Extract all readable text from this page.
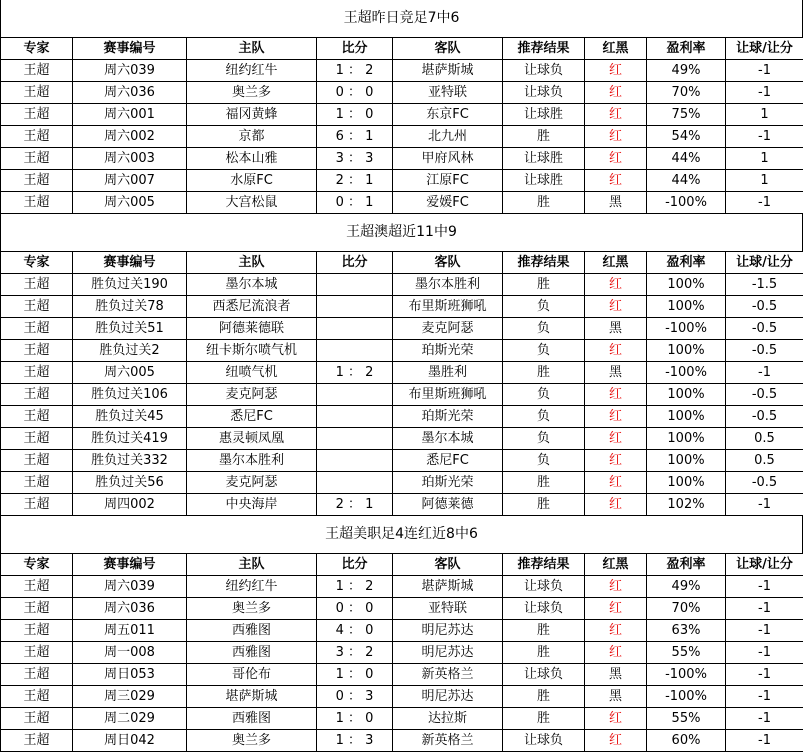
王超昨日竞足7中6
专家	赛事编号	主队	比分	客队	推荐结果	红黑	盈利率	让球/让分
王超	周六039	纽约红牛	1 ： 2	堪萨斯城	让球负	红	49%	-1
王超	周六036	奥兰多	0 ： 0	亚特联	让球负	红	70%	-1
王超	周六001	福冈黄蜂	1 ： 0	东京FC	让球胜	红	75%	1
王超	周六002	京都	6 ： 1	北九州	胜	红	54%	-1
王超	周六003	松本山雅	3 ： 3	甲府风林	让球胜	红	44%	1
王超	周六007	水原FC	2 ： 1	江原FC	让球胜	红	44%	1
王超	周六005	大宫松鼠	0 ： 1	爱媛FC	胜	黑	-100%	-1
王超澳超近11中9
专家	赛事编号	主队	比分	客队	推荐结果	红黑	盈利率	让球/让分
王超	胜负过关190	墨尔本城		墨尔本胜利	胜	红	100%	-1.5
王超	胜负过关78	西悉尼流浪者		布里斯班狮吼	负	红	100%	-0.5
王超	胜负过关51	阿德莱德联		麦克阿瑟	负	黑	-100%	-0.5
王超	胜负过关2	纽卡斯尔喷气机		珀斯光荣	负	红	100%	-0.5
王超	周六005	纽喷气机	1 ： 2	墨胜利	胜	黑	-100%	-1
王超	胜负过关106	麦克阿瑟		布里斯班狮吼	负	红	100%	-0.5
王超	胜负过关45	悉尼FC		珀斯光荣	负	红	100%	-0.5
王超	胜负过关419	惠灵顿凤凰		墨尔本城	负	红	100%	0.5
王超	胜负过关332	墨尔本胜利		悉尼FC	负	红	100%	0.5
王超	胜负过关56	麦克阿瑟		珀斯光荣	胜	红	100%	-0.5
王超	周四002	中央海岸	2 ： 1	阿德莱德	胜	红	102%	-1
王超美职足4连红近8中6
专家	赛事编号	主队	比分	客队	推荐结果	红黑	盈利率	让球/让分
王超	周六039	纽约红牛	1 ： 2	堪萨斯城	让球负	红	49%	-1
王超	周六036	奥兰多	0 ： 0	亚特联	让球负	红	70%	-1
王超	周五011	西雅图	4 ： 0	明尼苏达	胜	红	63%	-1
王超	周一008	西雅图	3 ： 2	明尼苏达	胜	红	55%	-1
王超	周日053	哥伦布	1 ： 0	新英格兰	让球负	黑	-100%	-1
王超	周三029	堪萨斯城	0 ： 3	明尼苏达	胜	黑	-100%	-1
王超	周二029	西雅图	1 ： 0	达拉斯	胜	红	55%	-1
王超	周日042	奥兰多	1 ： 3	新英格兰	让球负	红	60%	-1
